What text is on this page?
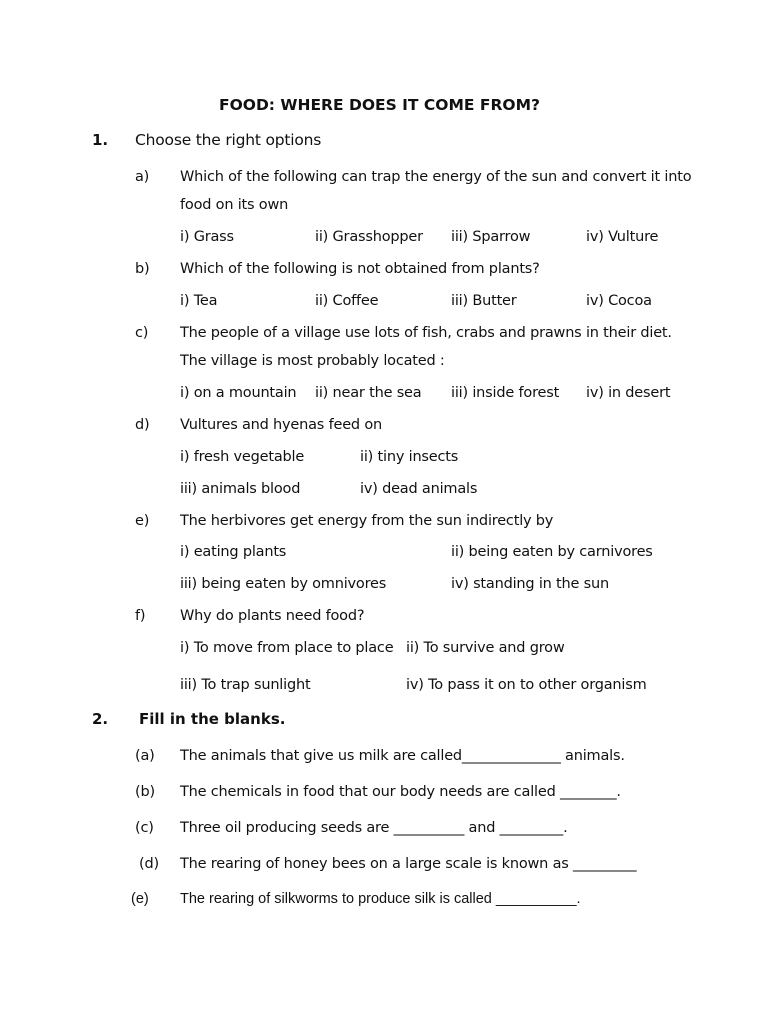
FOOD: WHERE DOES IT COME FROM?
1. Choose the right options
a) Which of the following can trap the energy of the sun and convert it into
food on its own
i) Grass	ii) Grasshopper iii) Sparrow	iv) Vulture
b) Which of the following is not obtained from plants?
i) Tea	ii) Coffee	iii) Butter	iv) Cocoa
c) The people of a village use lots of fish, crabs and prawns in their diet.
The village is most probably located :
i) on a mountain ii) near the sea iii) inside forest iv) in desert
d) Vultures and hyenas feed on
i) fresh vegetable	ii) tiny insects
iii) animals blood	iv) dead animals
e) The herbivores get energy from the sun indirectly by
i) eating plants	ii) being eaten by carnivores
iii) being eaten by omnivores	iv) standing in the sun
f) Why do plants need food?
i) To move from place to place ii) To survive and grow
iii) To trap sunlight	iv) To pass it on to other organism
2. Fill in the blanks.
(a) The animals that give us milk are called______________ animals.
(b) The chemicals in food that our body needs are called ________.
(c) Three oil producing seeds are __________ and _________.
(d) The rearing of honey bees on a large scale is known as _________
(e) The rearing of silkworms to produce silk is called __________.
